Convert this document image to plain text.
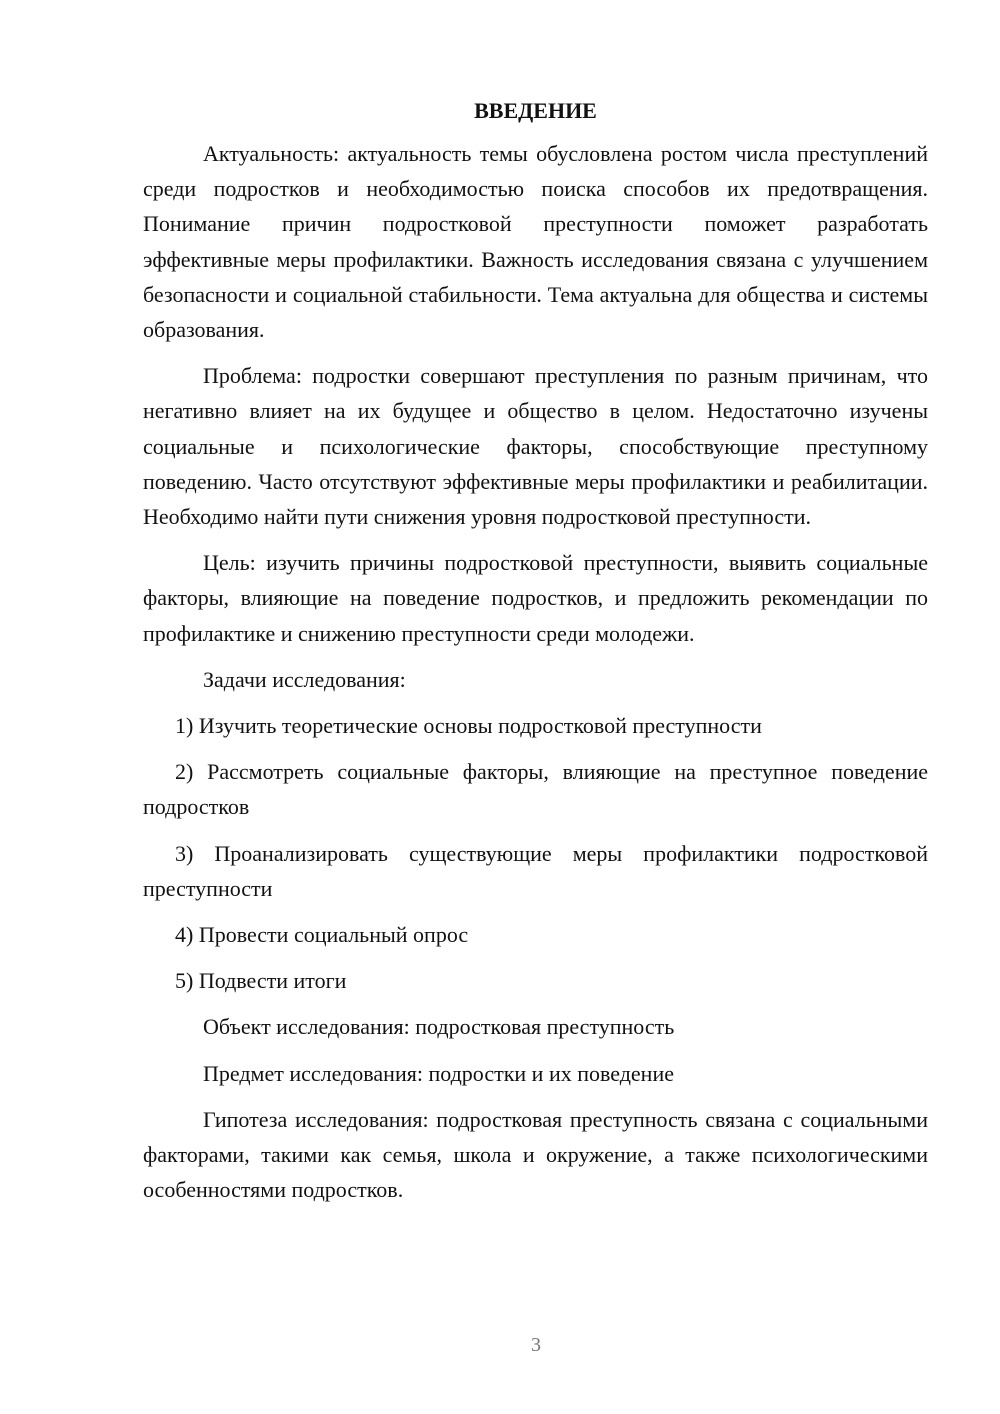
ВВЕДЕНИЕ

Актуальность: актуальность темы обусловлена ростом числа преступлений среди подростков и необходимостью поиска способов их предотвращения. Понимание причин подростковой преступности поможет разработать эффективные меры профилактики. Важность исследования связана с улучшением безопасности и социальной стабильности. Тема актуальна для общества и системы образования.

Проблема: подростки совершают преступления по разным причинам, что негативно влияет на их будущее и общество в целом. Недостаточно изучены социальные и психологические факторы, способствующие преступному поведению. Часто отсутствуют эффективные меры профилактики и реабилитации. Необходимо найти пути снижения уровня подростковой преступности.

Цель: изучить причины подростковой преступности, выявить социальные факторы, влияющие на поведение подростков, и предложить рекомендации по профилактике и снижению преступности среди молодежи.

Задачи исследования:

1) Изучить теоретические основы подростковой преступности

2) Рассмотреть социальные факторы, влияющие на преступное поведение подростков

3) Проанализировать существующие меры профилактики подростковой преступности

4) Провести социальный опрос

5) Подвести итоги

Объект исследования: подростковая преступность

Предмет исследования: подростки и их поведение

Гипотеза исследования: подростковая преступность связана с социальными факторами, такими как семья, школа и окружение, а также психологическими особенностями подростков.

3
